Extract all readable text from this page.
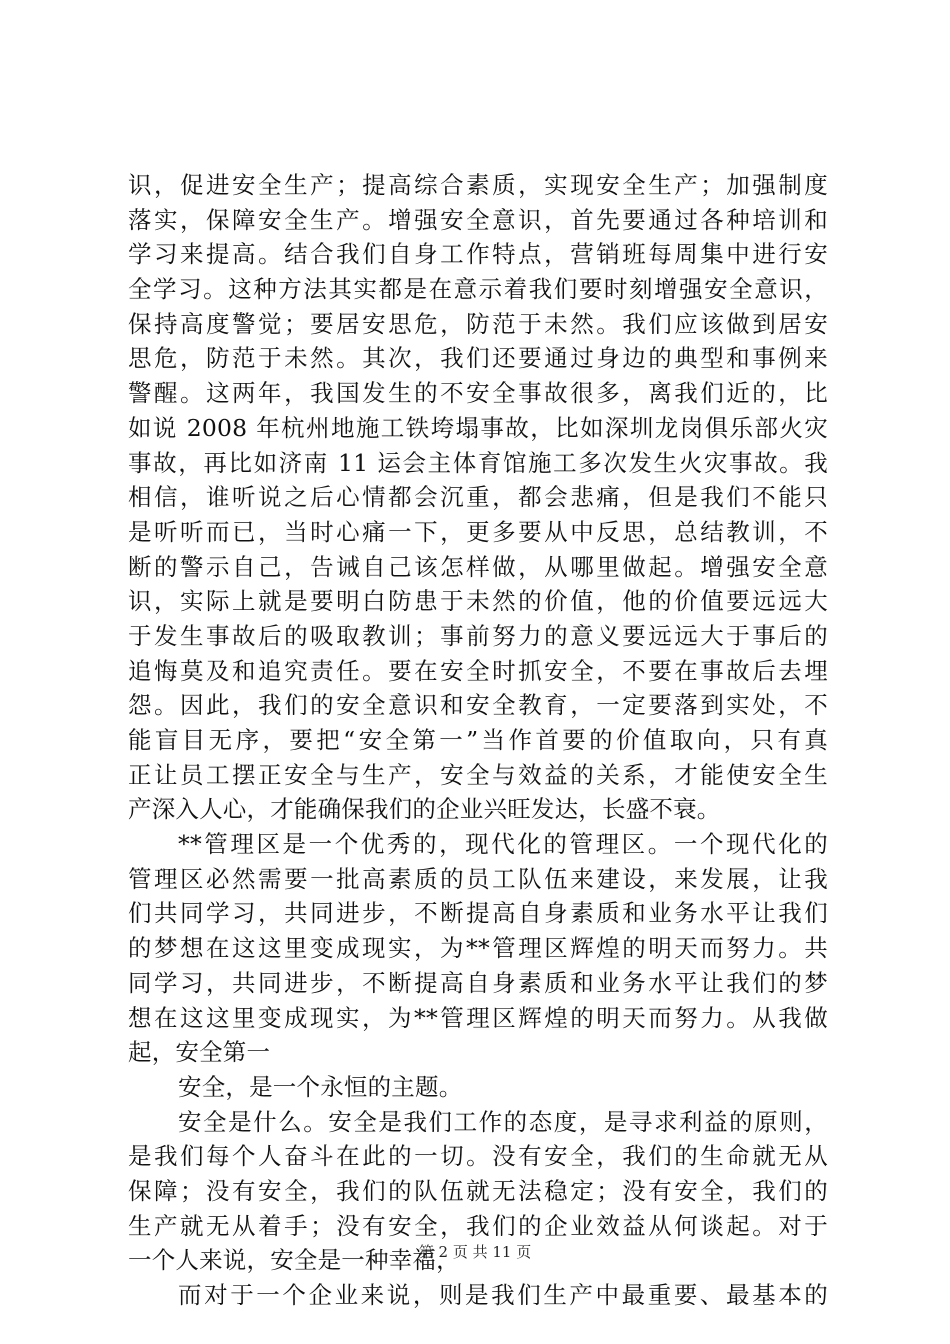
识，促进安全生产；提高综合素质，实现安全生产；加强制度
落实，保障安全生产。增强安全意识，首先要通过各种培训和
学习来提高。结合我们自身工作特点，营销班每周集中进行安
全学习。这种方法其实都是在意示着我们要时刻增强安全意识，
保持高度警觉；要居安思危，防范于未然。我们应该做到居安
思危，防范于未然。其次，我们还要通过身边的典型和事例来
警醒。这两年，我国发生的不安全事故很多，离我们近的，比
如说 2008 年杭州地施工铁垮塌事故，比如深圳龙岗俱乐部火灾
事故，再比如济南 11 运会主体育馆施工多次发生火灾事故。我
相信，谁听说之后心情都会沉重，都会悲痛，但是我们不能只
是听听而已，当时心痛一下，更多要从中反思，总结教训，不
断的警示自己，告诫自己该怎样做，从哪里做起。增强安全意
识，实际上就是要明白防患于未然的价值，他的价值要远远大
于发生事故后的吸取教训；事前努力的意义要远远大于事后的
追悔莫及和追究责任。要在安全时抓安全，不要在事故后去埋
怨。因此，我们的安全意识和安全教育，一定要落到实处，不
能盲目无序，要把“安全第一”当作首要的价值取向，只有真
正让员工摆正安全与生产，安全与效益的关系，才能使安全生
产深入人心，才能确保我们的企业兴旺发达，长盛不衰。
**管理区是一个优秀的，现代化的管理区。一个现代化的
管理区必然需要一批高素质的员工队伍来建设，来发展，让我
们共同学习，共同进步，不断提高自身素质和业务水平让我们
的梦想在这这里变成现实，为**管理区辉煌的明天而努力。共
同学习，共同进步，不断提高自身素质和业务水平让我们的梦
想在这这里变成现实，为**管理区辉煌的明天而努力。从我做
起，安全第一
安全，是一个永恒的主题。
安全是什么。安全是我们工作的态度，是寻求利益的原则，
是我们每个人奋斗在此的一切。没有安全，我们的生命就无从
保障；没有安全，我们的队伍就无法稳定；没有安全，我们的
生产就无从着手；没有安全，我们的企业效益从何谈起。对于
一个人来说，安全是一种幸福，
而对于一个企业来说，则是我们生产中最重要、最基本的
第 2 页 共 11 页
